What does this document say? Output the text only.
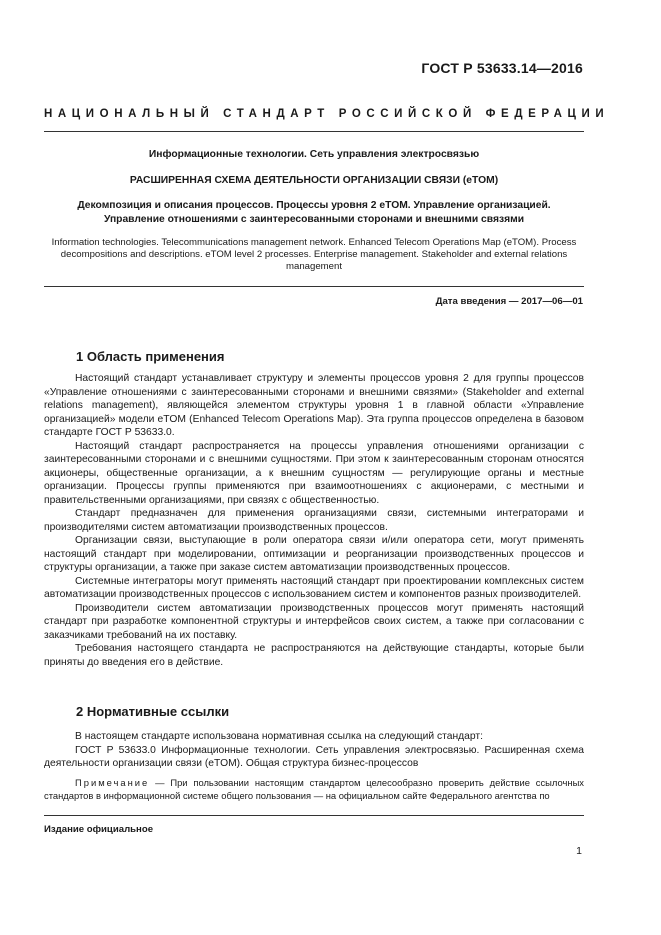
ГОСТ Р 53633.14—2016
НАЦИОНАЛЬНЫЙ СТАНДАРТ РОССИЙСКОЙ ФЕДЕРАЦИИ
Информационные технологии. Сеть управления электросвязью
РАСШИРЕННАЯ СХЕМА ДЕЯТЕЛЬНОСТИ ОРГАНИЗАЦИИ СВЯЗИ (eTOM)
Декомпозиция и описания процессов. Процессы уровня 2 eTOM. Управление организацией.
Управление отношениями с заинтересованными сторонами и внешними связями
Information technologies. Telecommunications management network. Enhanced Telecom Operations Map (eTOM). Process decompositions and descriptions. eTOM level 2 processes. Enterprise management. Stakeholder and external relations management
Дата введения — 2017—06—01
1 Область применения

Настоящий стандарт устанавливает структуру и элементы процессов уровня 2 для группы процессов «Управление отношениями с заинтересованными сторонами и внешними связями» (Stakeholder and external relations management), являющейся элементом структуры уровня 1 в главной области «Управление организацией» модели eTOM (Enhanced Telecom Operations Map). Эта группа процессов определена в базовом стандарте ГОСТ Р 53633.0.

Настоящий стандарт распространяется на процессы управления отношениями организации с заинтересованными сторонами и с внешними сущностями. При этом к заинтересованным сторонам относятся акционеры, общественные организации, а к внешним сущностям — регулирующие органы и местные организации. Процессы группы применяются при взаимоотношениях с акционерами, с местными и правительственными организациями, при связях с общественностью.

Стандарт предназначен для применения организациями связи, системными интеграторами и производителями систем автоматизации производственных процессов.

Организации связи, выступающие в роли оператора связи и/или оператора сети, могут применять настоящий стандарт при моделировании, оптимизации и реорганизации производственных процессов и структуры организации, а также при заказе систем автоматизации производственных процессов.

Системные интеграторы могут применять настоящий стандарт при проектировании комплексных систем автоматизации производственных процессов с использованием систем и компонентов разных производителей.

Производители систем автоматизации производственных процессов могут применять настоящий стандарт при разработке компонентной структуры и интерфейсов своих систем, а также при согласовании с заказчиками требований на их поставку.

Требования настоящего стандарта не распространяются на действующие стандарты, которые были приняты до введения его в действие.

2 Нормативные ссылки

В настоящем стандарте использована нормативная ссылка на следующий стандарт:

ГОСТ Р 53633.0 Информационные технологии. Сеть управления электросвязью. Расширенная схема деятельности организации связи (eTOM). Общая структура бизнес-процессов

Примечание — При пользовании настоящим стандартом целесообразно проверить действие ссылочных стандартов в информационной системе общего пользования — на официальном сайте Федерального агентства по
Издание официальное
1
